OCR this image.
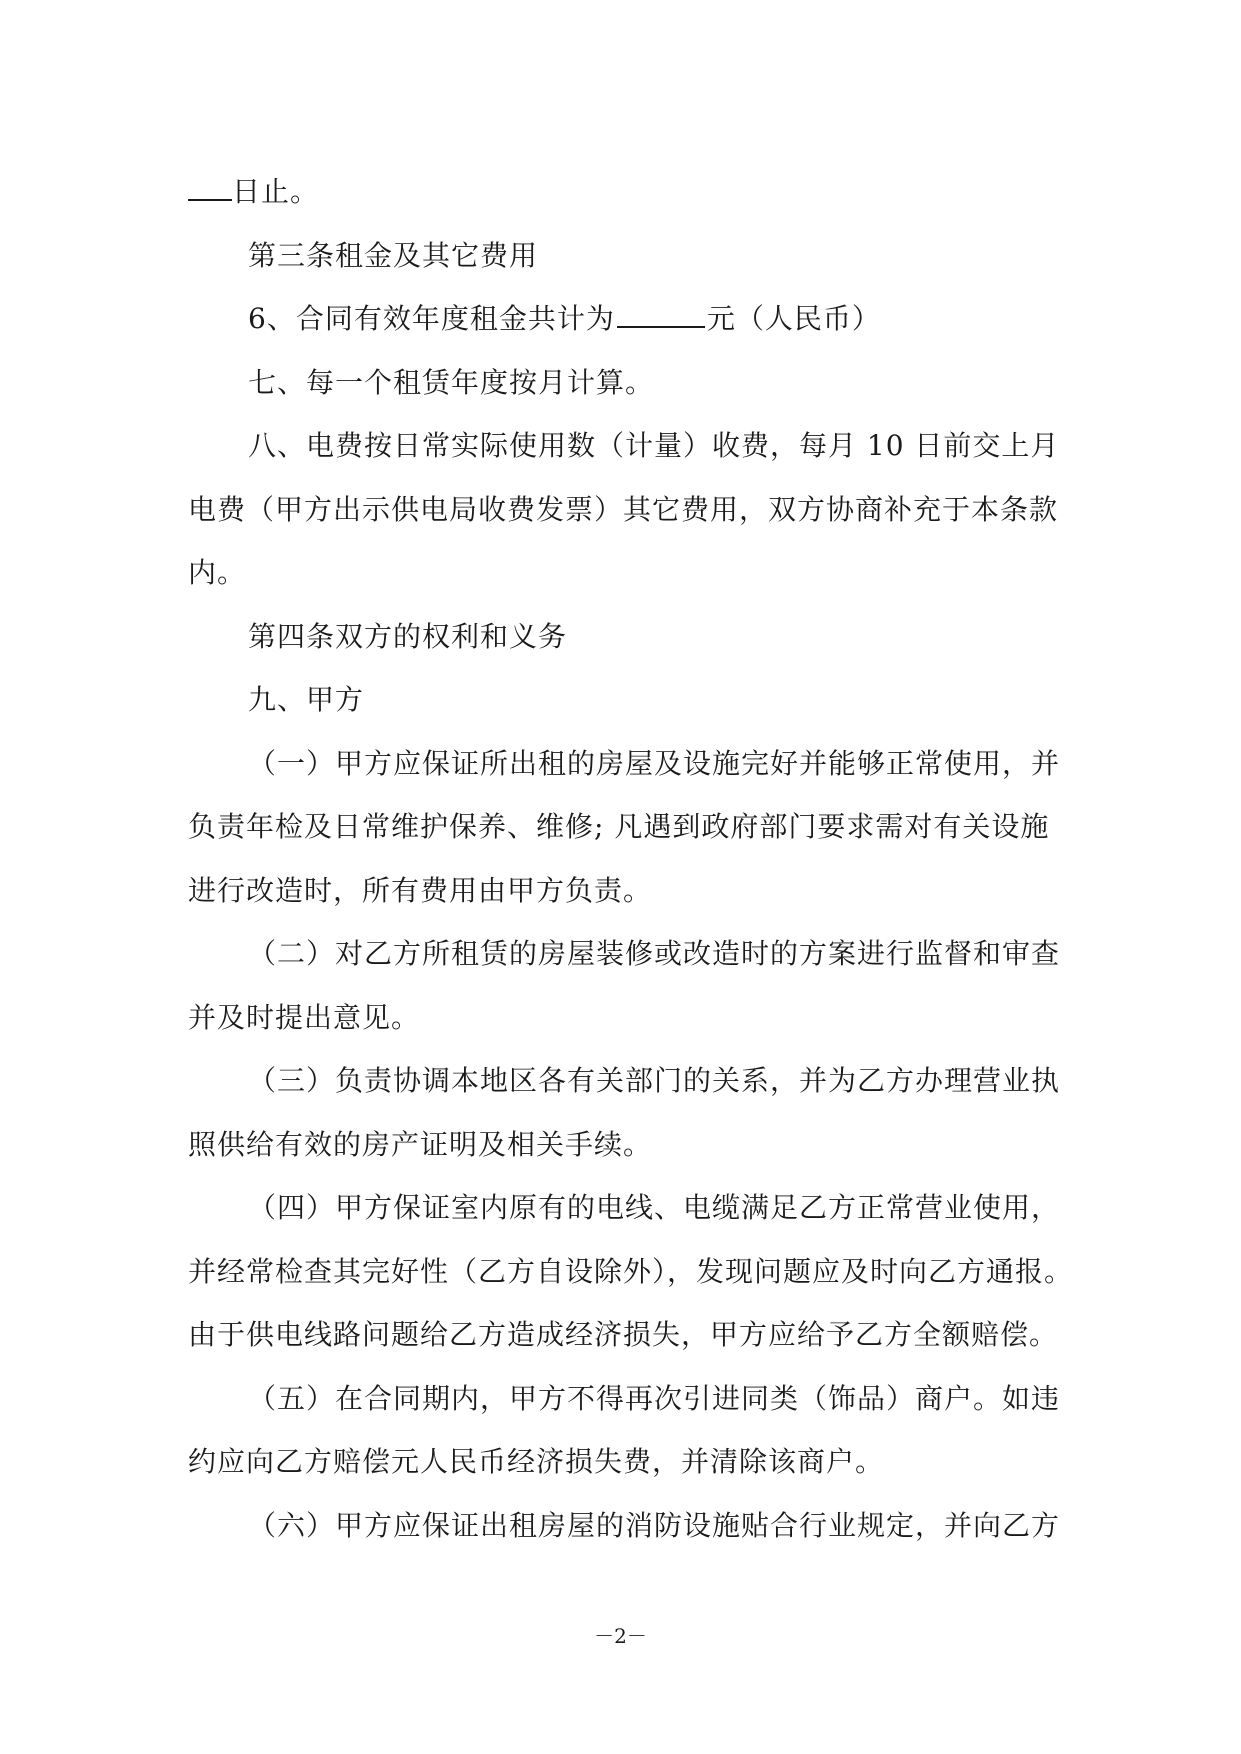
日止。
第三条租金及其它费用
6、合同有效年度租金共计为	元（人民币）
七、每一个租赁年度按月计算。
八、电费按日常实际使用数（计量）收费，每月 10 日前交上月
电费（甲方出示供电局收费发票）其它费用，双方协商补充于本条款
内。
第四条双方的权利和义务
九、甲方
（一）甲方应保证所出租的房屋及设施完好并能够正常使用，并
负责年检及日常维护保养、维修; 凡遇到政府部门要求需对有关设施
进行改造时，所有费用由甲方负责。
（二）对乙方所租赁的房屋装修或改造时的方案进行监督和审查
并及时提出意见。
（三）负责协调本地区各有关部门的关系，并为乙方办理营业执
照供给有效的房产证明及相关手续。
（四）甲方保证室内原有的电线、电缆满足乙方正常营业使用，
并经常检查其完好性（乙方自设除外），发现问题应及时向乙方通报。
由于供电线路问题给乙方造成经济损失，甲方应给予乙方全额赔偿。
（五）在合同期内，甲方不得再次引进同类（饰品）商户。如违
约应向乙方赔偿元人民币经济损失费，并清除该商户。
（六）甲方应保证出租房屋的消防设施贴合行业规定，并向乙方
－2－
